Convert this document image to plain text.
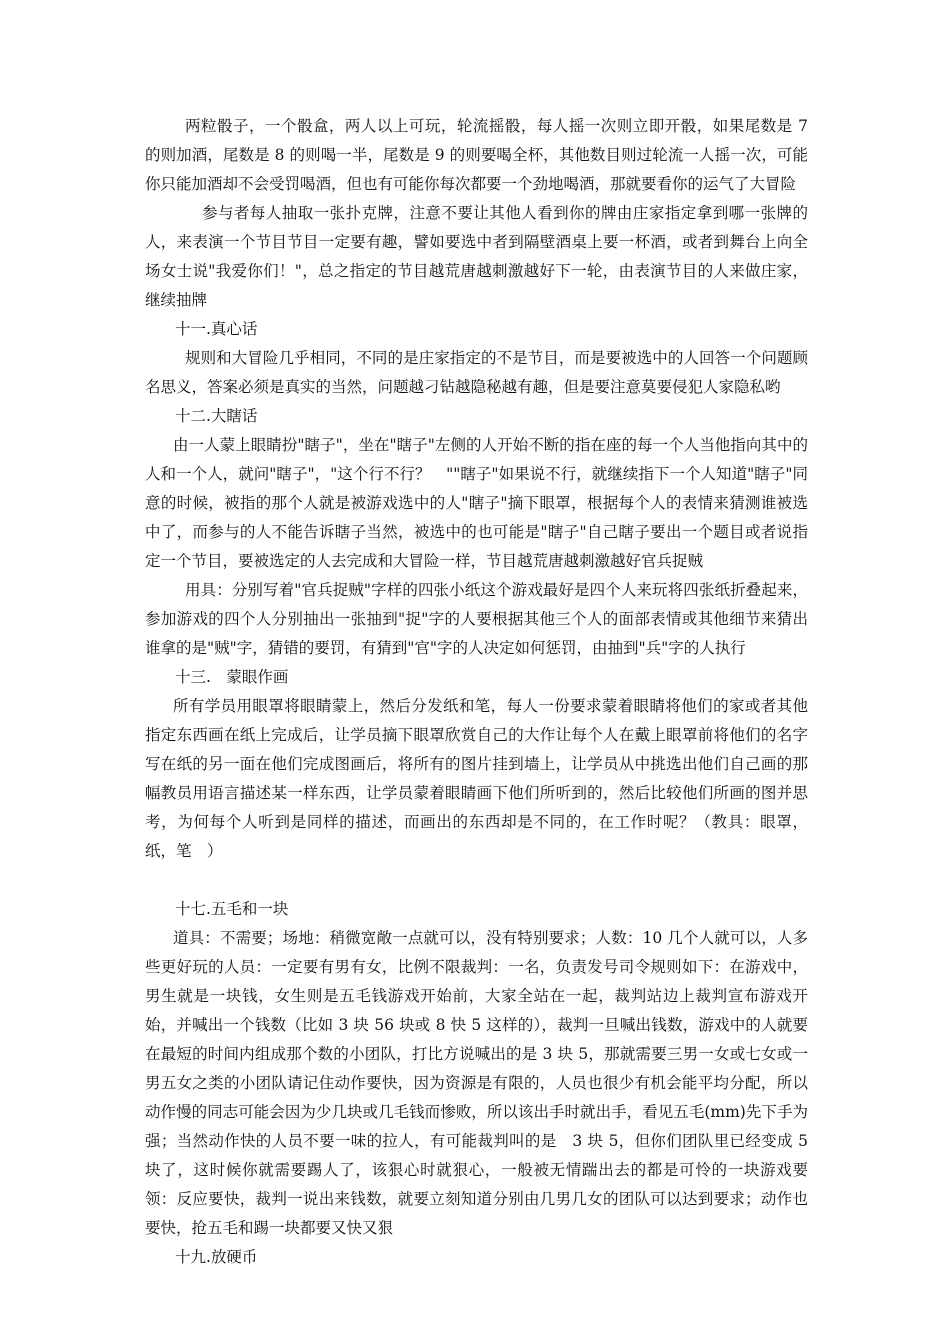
两粒骰子，一个骰盒，两人以上可玩，轮流摇骰，每人摇一次则立即开骰，如果尾数是 7 的则加酒，尾数是 8 的则喝一半，尾数是 9 的则要喝全杯，其他数目则过轮流一人摇一次，可能你只能加酒却不会受罚喝酒，但也有可能你每次都要一个劲地喝酒，那就要看你的运气了大冒险

参与者每人抽取一张扑克牌，注意不要让其他人看到你的牌由庄家指定拿到哪一张牌的人，来表演一个节目节目一定要有趣，譬如要选中者到隔壁酒桌上要一杯酒，或者到舞台上向全场女士说"我爱你们！"，总之指定的节目越荒唐越刺激越好下一轮，由表演节目的人来做庄家，继续抽牌

十一.真心话

规则和大冒险几乎相同，不同的是庄家指定的不是节目，而是要被选中的人回答一个问题顾名思义，答案必须是真实的当然，问题越刁钻越隐秘越有趣，但是要注意莫要侵犯人家隐私哟

十二.大瞎话

由一人蒙上眼睛扮"瞎子"，坐在"瞎子"左侧的人开始不断的指在座的每一个人当他指向其中的人和一个人，就问"瞎子"，"这个行不行？　""瞎子"如果说不行，就继续指下一个人知道"瞎子"同意的时候，被指的那个人就是被游戏选中的人"瞎子"摘下眼罩，根据每个人的表情来猜测谁被选中了，而参与的人不能告诉瞎子当然，被选中的也可能是"瞎子"自己瞎子要出一个题目或者说指定一个节目，要被选定的人去完成和大冒险一样，节目越荒唐越刺激越好官兵捉贼

用具：分别写着"官兵捉贼"字样的四张小纸这个游戏最好是四个人来玩将四张纸折叠起来，参加游戏的四个人分别抽出一张抽到"捉"字的人要根据其他三个人的面部表情或其他细节来猜出谁拿的是"贼"字，猜错的要罚，有猜到"官"字的人决定如何惩罚，由抽到"兵"字的人执行

十三.　蒙眼作画

所有学员用眼罩将眼睛蒙上，然后分发纸和笔，每人一份要求蒙着眼睛将他们的家或者其他指定东西画在纸上完成后，让学员摘下眼罩欣赏自己的大作让每个人在戴上眼罩前将他们的名字写在纸的另一面在他们完成图画后，将所有的图片挂到墙上，让学员从中挑选出他们自己画的那幅教员用语言描述某一样东西，让学员蒙着眼睛画下他们所听到的，然后比较他们所画的图并思考，为何每个人听到是同样的描述，而画出的东西却是不同的，在工作时呢？（教具：眼罩，纸，笔　）

十七.五毛和一块

道具：不需要；场地：稍微宽敞一点就可以，没有特别要求；人数：10 几个人就可以，人多些更好玩的人员：一定要有男有女，比例不限裁判：一名，负责发号司令规则如下：在游戏中，男生就是一块钱，女生则是五毛钱游戏开始前，大家全站在一起，裁判站边上裁判宣布游戏开始，并喊出一个钱数（比如 3 块 56 块或 8 快 5 这样的），裁判一旦喊出钱数，游戏中的人就要在最短的时间内组成那个数的小团队，打比方说喊出的是 3 块 5，那就需要三男一女或七女或一男五女之类的小团队请记住动作要快，因为资源是有限的，人员也很少有机会能平均分配，所以动作慢的同志可能会因为少几块或几毛钱而惨败，所以该出手时就出手，看见五毛(mm)先下手为强；当然动作快的人员不要一味的拉人，有可能裁判叫的是　3 块 5，但你们团队里已经变成 5 块了，这时候你就需要踢人了，该狠心时就狠心，一般被无情踹出去的都是可怜的一块游戏要领：反应要快，裁判一说出来钱数，就要立刻知道分别由几男几女的团队可以达到要求；动作也要快，抢五毛和踢一块都要又快又狠

十九.放硬币
